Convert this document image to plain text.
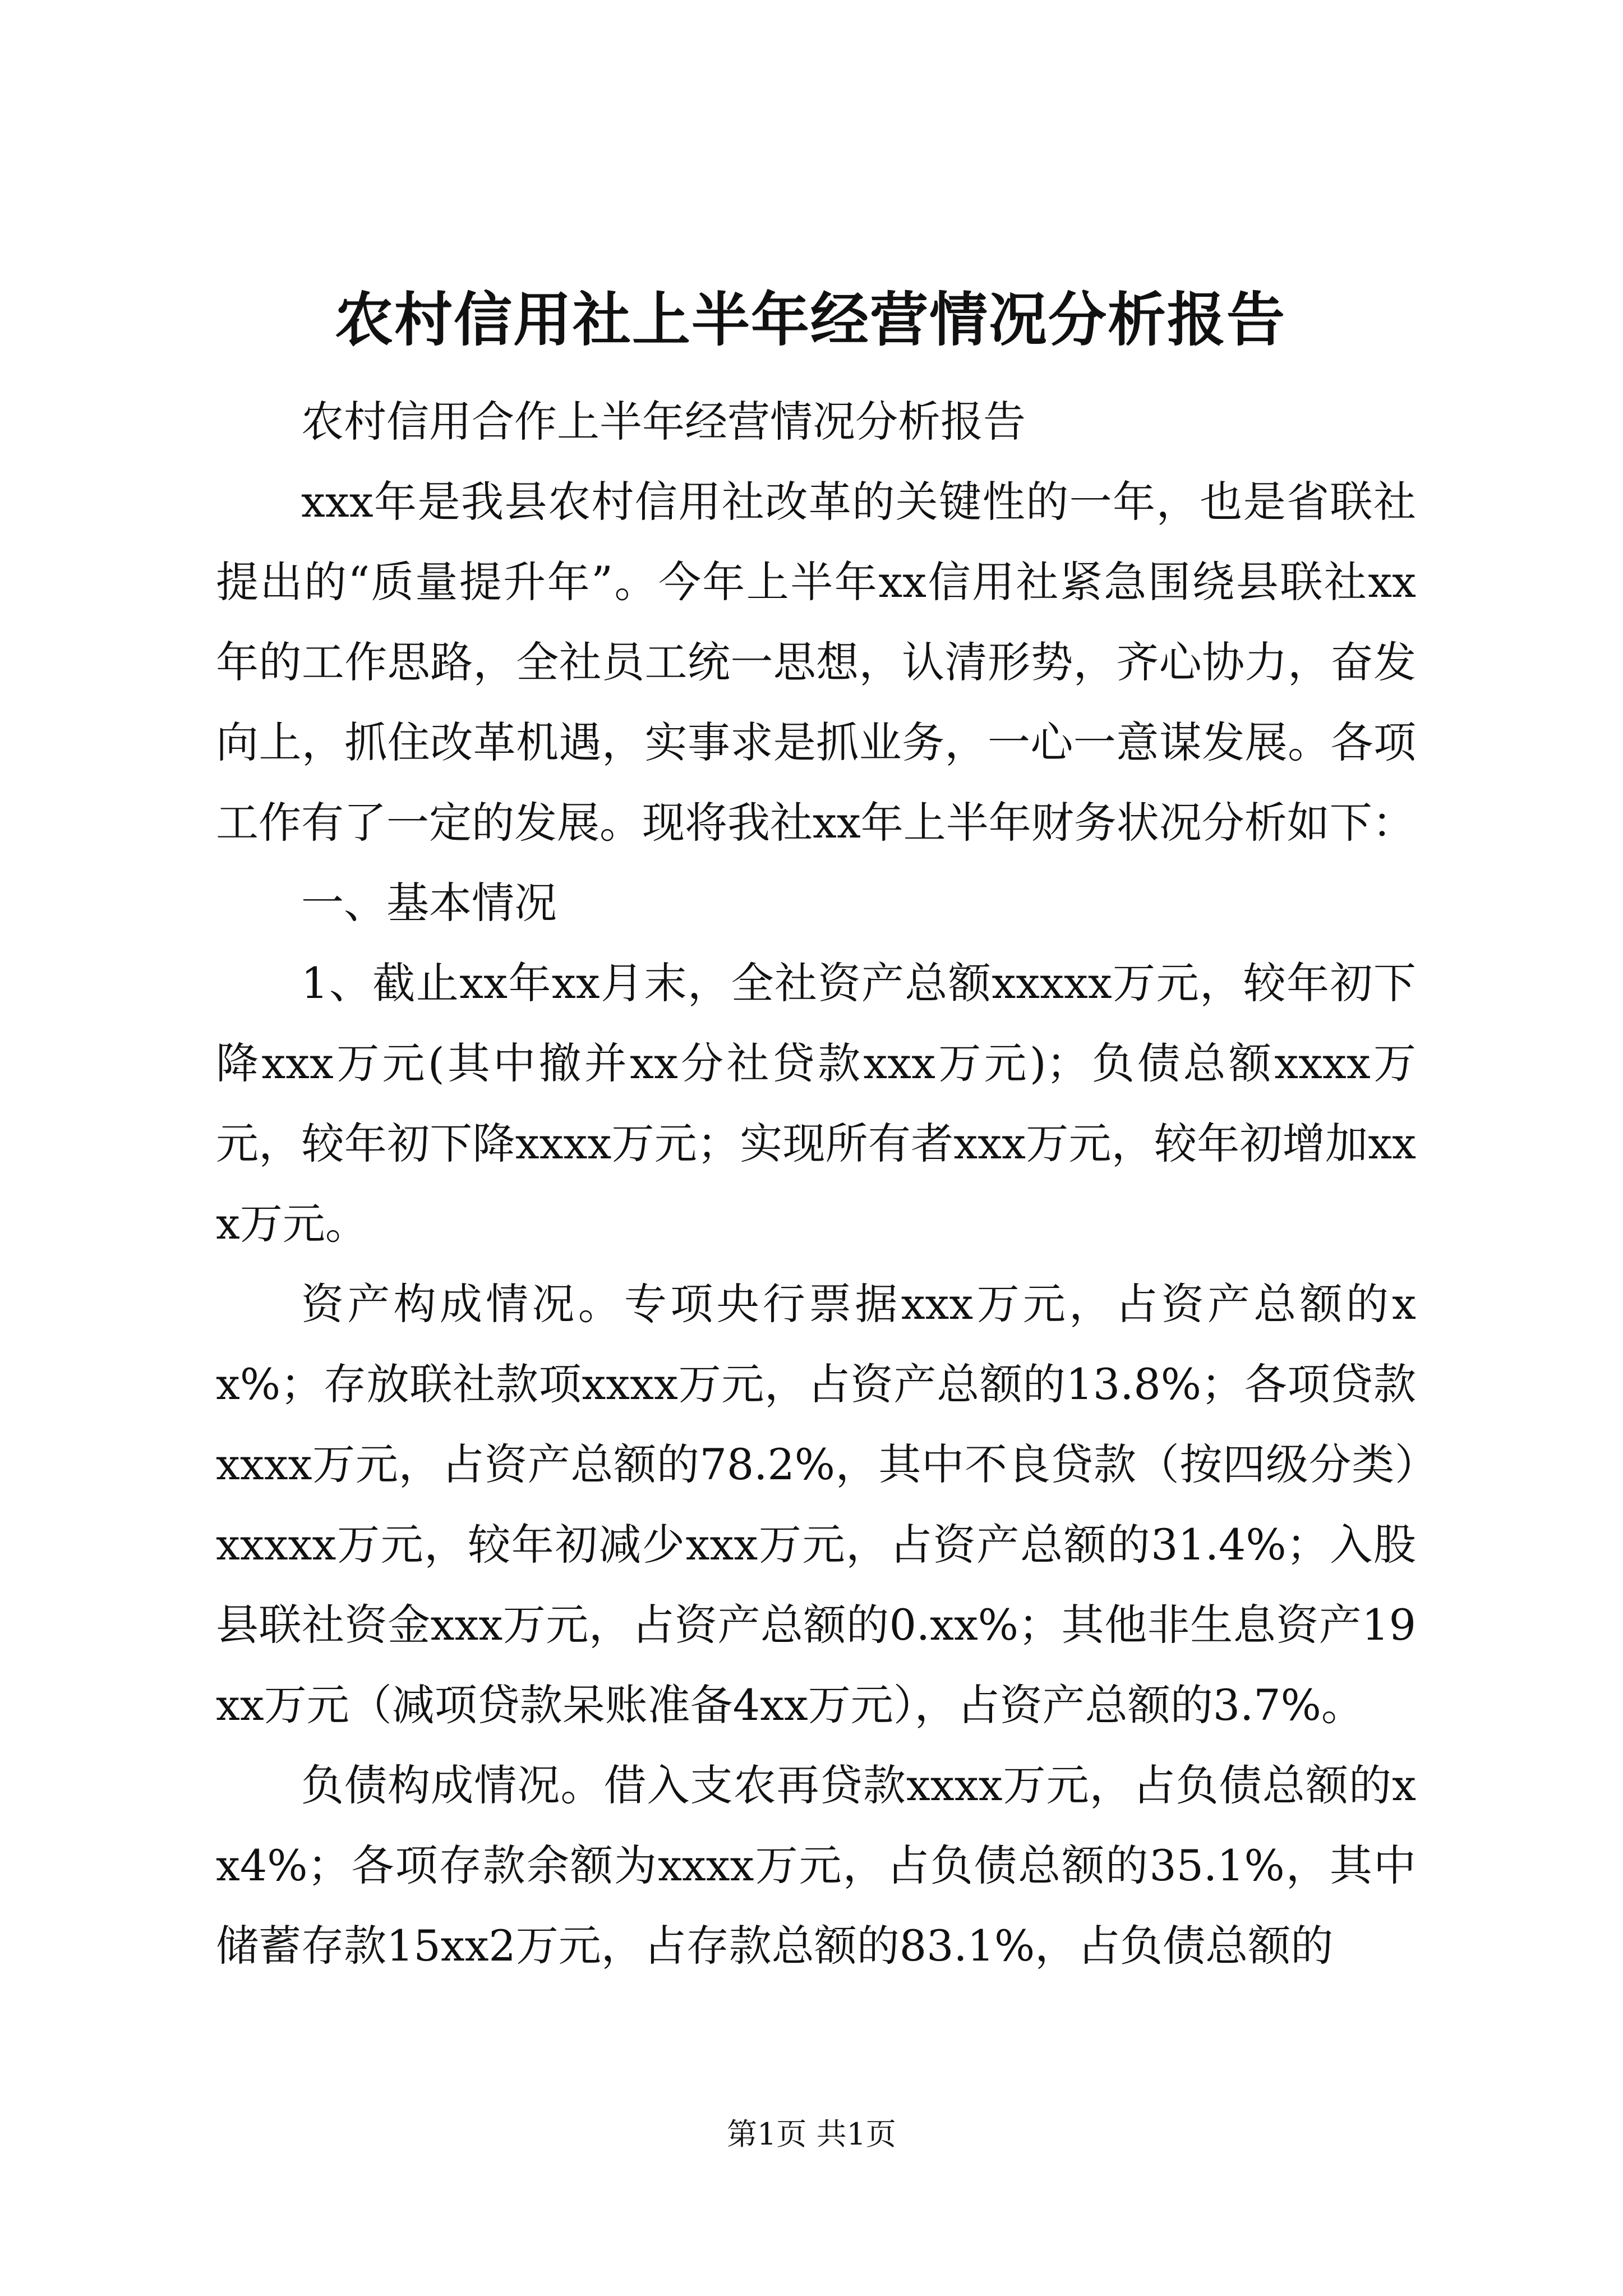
农村信用社上半年经营情况分析报告

农村信用合作上半年经营情况分析报告

xxx年是我县农村信用社改革的关键性的一年，也是省联社提出的“质量提升年”。今年上半年xx信用社紧急围绕县联社xx年的工作思路，全社员工统一思想，认清形势，齐心协力，奋发向上，抓住改革机遇，实事求是抓业务，一心一意谋发展。各项工作有了一定的发展。现将我社xx年上半年财务状况分析如下：

一、基本情况

1、截止xx年xx月末，全社资产总额xxxxx万元，较年初下降xxx万元(其中撤并xx分社贷款xxx万元)；负债总额xxxx万元，较年初下降xxxx万元；实现所有者xxx万元，较年初增加xxx万元。

资产构成情况。专项央行票据xxx万元，占资产总额的xx%；存放联社款项xxxx万元，占资产总额的13.8%；各项贷款xxxx万元，占资产总额的78.2%，其中不良贷款（按四级分类）xxxxx万元，较年初减少xxx万元，占资产总额的31.4%；入股县联社资金xxx万元，占资产总额的0.xx%；其他非生息资产19xx万元（减项贷款呆账准备4xx万元），占资产总额的3.7%。

负债构成情况。借入支农再贷款xxxx万元，占负债总额的xx4%；各项存款余额为xxxx万元，占负债总额的35.1%，其中储蓄存款15xx2万元，占存款总额的83.1%，占负债总额的

第1页 共1页
